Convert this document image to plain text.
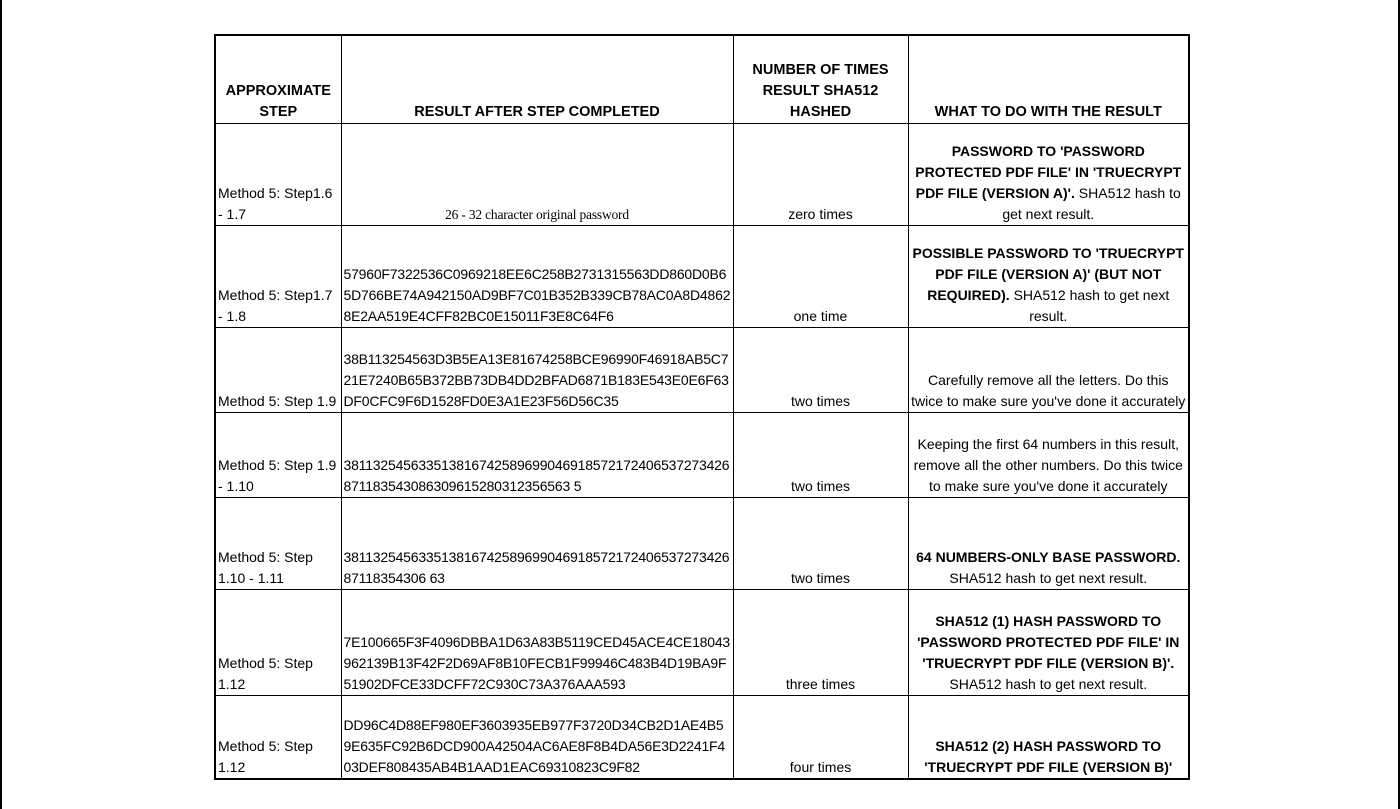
APPROXIMATE STEP	RESULT AFTER STEP COMPLETED	NUMBER OF TIMES RESULT SHA512 HASHED	WHAT TO DO WITH THE RESULT
Method 5: Step1.6 - 1.7	26 - 32 character original password	zero times	PASSWORD TO 'PASSWORD PROTECTED PDF FILE' IN 'TRUECRYPT PDF FILE (VERSION A)'. SHA512 hash to get next result.
Method 5: Step1.7 - 1.8	57960F7322536C0969218EE6C258B2731315563DD860D0B65D766BE74A942150AD9BF7C01B352B339CB78AC0A8D48628E2AA519E4CFF82BC0E15011F3E8C64F6	one time	POSSIBLE PASSWORD TO 'TRUECRYPT PDF FILE (VERSION A)' (BUT NOT REQUIRED). SHA512 hash to get next result.
Method 5: Step 1.9	38B113254563D3B5EA13E81674258BCE96990F46918AB5C721E7240B65B372BB73DB4DD2BFAD6871B183E543E0E6F63DF0CFC9F6D1528FD0E3A1E23F56D56C35	two times	Carefully remove all the letters. Do this twice to make sure you've done it accurately
Method 5: Step 1.9 - 1.10	381132545633513816742589699046918572172406537273426871183543086309615280312356563 5	two times	Keeping the first 64 numbers in this result, remove all the other numbers. Do this twice to make sure you've done it accurately
Method 5: Step 1.10 - 1.11	38113254563351381674258969904691857217240653727342687118354306 63	two times	64 NUMBERS-ONLY BASE PASSWORD. SHA512 hash to get next result.
Method 5: Step 1.12	7E100665F3F4096DBBA1D63A83B5119CED45ACE4CE18043962139B13F42F2D69AF8B10FECB1F99946C483B4D19BA9F51902DFCE33DCFF72C930C73A376AAA593	three times	SHA512 (1) HASH PASSWORD TO 'PASSWORD PROTECTED PDF FILE' IN 'TRUECRYPT PDF FILE (VERSION B)'. SHA512 hash to get next result.
Method 5: Step 1.12	DD96C4D88EF980EF3603935EB977F3720D34CB2D1AE4B59E635FC92B6DCD900A42504AC6AE8F8B4DA56E3D2241F403DEF808435AB4B1AAD1EAC69310823C9F82	four times	SHA512 (2) HASH PASSWORD TO 'TRUECRYPT PDF FILE (VERSION B)'
